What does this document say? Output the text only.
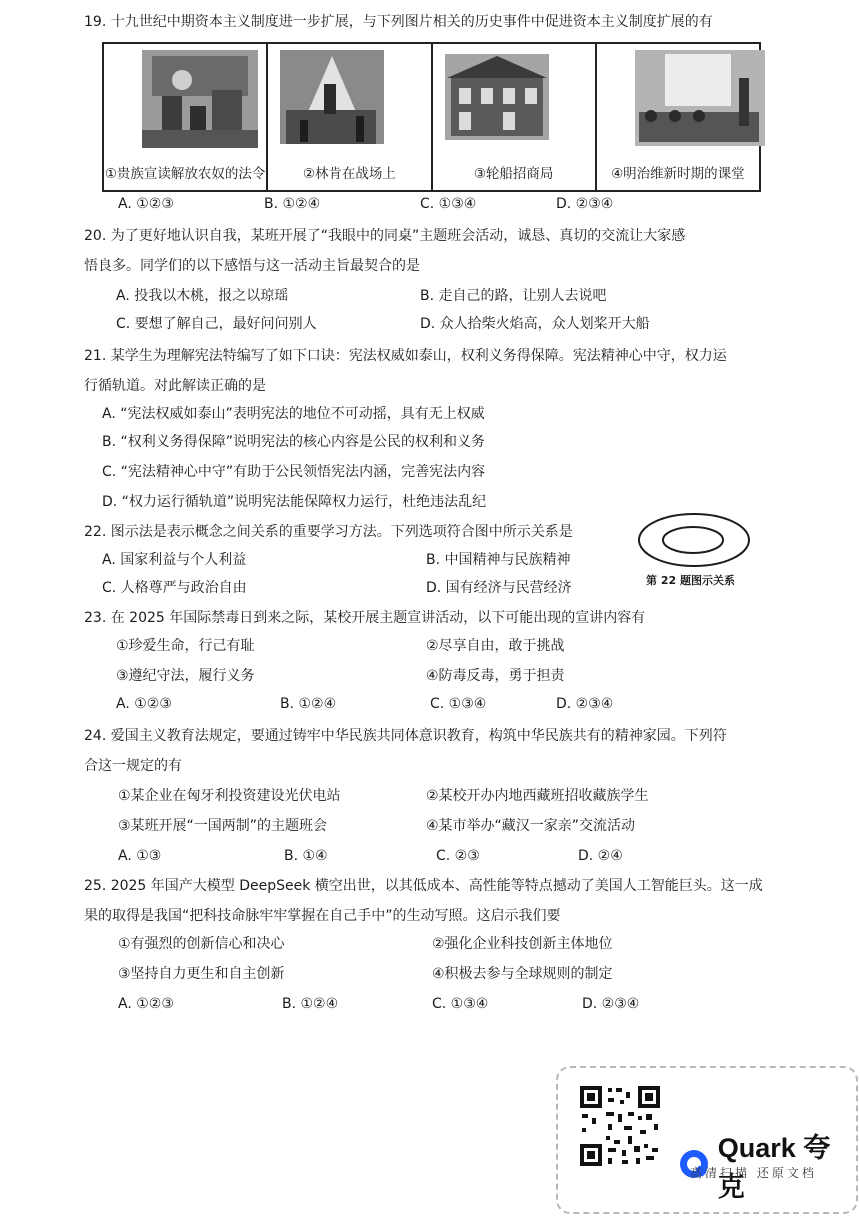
19. 十九世纪中期资本主义制度进一步扩展，与下列图片相关的历史事件中促进资本主义制度扩展的有
①贵族宣读解放农奴的法令	②林肯在战场上	③轮船招商局	④明治维新时期的课堂
A. ①②③	B. ①②④	C. ①③④	D. ②③④
20. 为了更好地认识自我，某班开展了“我眼中的同桌”主题班会活动，诚恳、真切的交流让大家感
悟良多。同学们的以下感悟与这一活动主旨最契合的是
A. 投我以木桃，报之以琼瑶	B. 走自己的路，让别人去说吧
C. 要想了解自己，最好问问别人	D. 众人拾柴火焰高，众人划桨开大船
21. 某学生为理解宪法特编写了如下口诀：宪法权威如泰山，权利义务得保障。宪法精神心中守，权力运
行循轨道。对此解读正确的是
A. “宪法权威如泰山”表明宪法的地位不可动摇，具有无上权威
B. “权利义务得保障”说明宪法的核心内容是公民的权利和义务
C. “宪法精神心中守”有助于公民领悟宪法内涵，完善宪法内容
D. “权力运行循轨道”说明宪法能保障权力运行，杜绝违法乱纪
22. 图示法是表示概念之间关系的重要学习方法。下列选项符合图中所示关系是
A. 国家利益与个人利益	B. 中国精神与民族精神
C. 人格尊严与政治自由	D. 国有经济与民营经济	第 22 题图示关系
23. 在 2025 年国际禁毒日到来之际，某校开展主题宣讲活动，以下可能出现的宣讲内容有
①珍爱生命，行己有耻	②尽享自由，敢于挑战
③遵纪守法，履行义务	④防毒反毒，勇于担责
A. ①②③	B. ①②④	C. ①③④	D. ②③④
24. 爱国主义教育法规定，要通过铸牢中华民族共同体意识教育，构筑中华民族共有的精神家园。下列符
合这一规定的有
①某企业在匈牙利投资建设光伏电站	②某校开办内地西藏班招收藏族学生
③某班开展“一国两制”的主题班会	④某市举办“藏汉一家亲”交流活动
A. ①③	B. ①④	C. ②③	D. ②④
25. 2025 年国产大模型 DeepSeek 横空出世，以其低成本、高性能等特点撼动了美国人工智能巨头。这一成
果的取得是我国“把科技命脉牢牢掌握在自己手中”的生动写照。这启示我们要
①有强烈的创新信心和决心	②强化企业科技创新主体地位
③坚持自力更生和自主创新	④积极去参与全球规则的制定
A. ①②③	B. ①②④	C. ①③④	D. ②③④
Quark 夸克
高清扫描 还原文档
